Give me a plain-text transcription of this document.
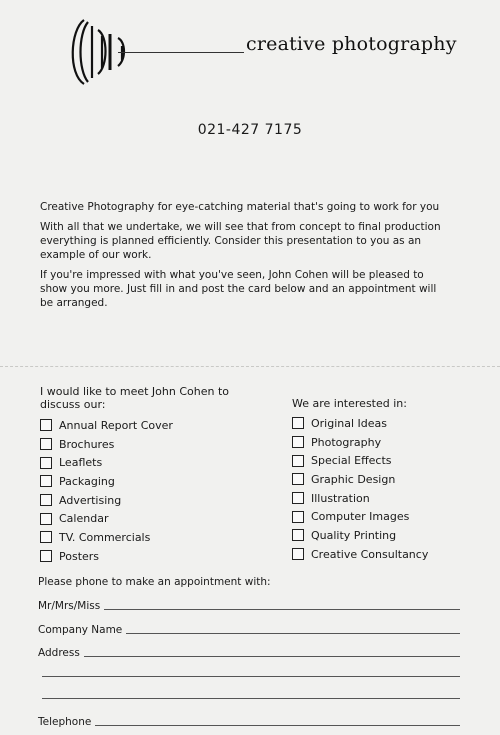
creative photography
021-427 7175

Creative Photography for eye-catching material that's going to work for you

With all that we undertake, we will see that from concept to final production everything is planned efficiently. Consider this presentation to you as an example of our work.

If you're impressed with what you've seen, John Cohen will be pleased to show you more. Just fill in and post the card below and an appointment will be arranged.

I would like to meet John Cohen to discuss our:
Annual Report Cover
Brochures
Leaflets
Packaging
Advertising
Calendar
TV. Commercials
Posters
We are interested in:
Original Ideas
Photography
Special Effects
Graphic Design
Illustration
Computer Images
Quality Printing
Creative Consultancy
Please phone to make an appointment with:
Mr/Mrs/Miss
Company Name
Address
Telephone
